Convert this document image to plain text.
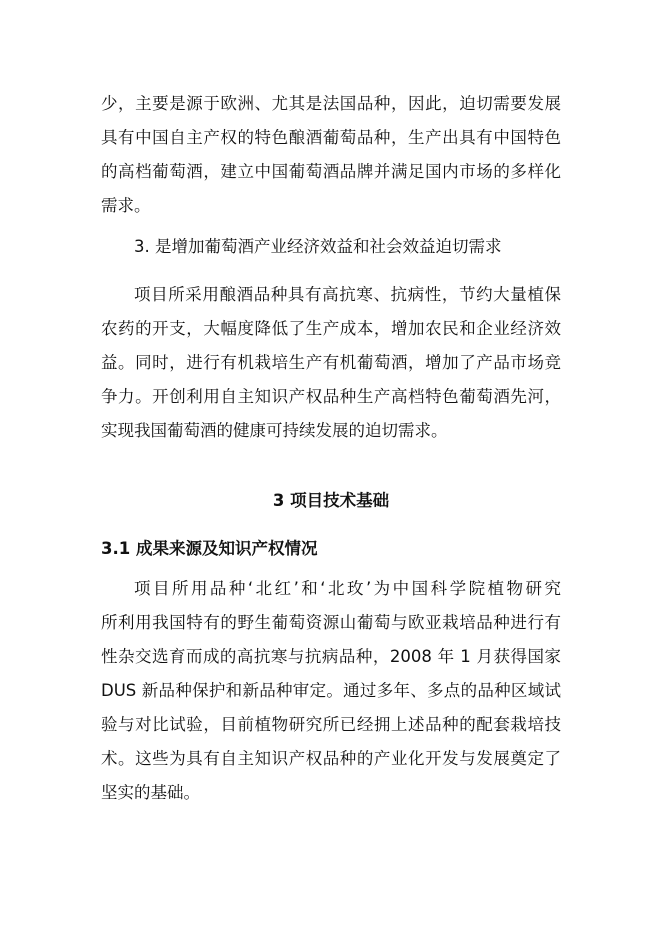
少，主要是源于欧洲、尤其是法国品种，因此，迫切需要发展
具有中国自主产权的特色酿酒葡萄品种，生产出具有中国特色
的高档葡萄酒，建立中国葡萄酒品牌并满足国内市场的多样化
需求。
3. 是增加葡萄酒产业经济效益和社会效益迫切需求
项目所采用酿酒品种具有高抗寒、抗病性，节约大量植保
农药的开支，大幅度降低了生产成本，增加农民和企业经济效
益。同时，进行有机栽培生产有机葡萄酒，增加了产品市场竞
争力。开创利用自主知识产权品种生产高档特色葡萄酒先河，
实现我国葡萄酒的健康可持续发展的迫切需求。
3 项目技术基础
3.1 成果来源及知识产权情况
项目所用品种‘北红’和‘北玫’为中国科学院植物研究
所利用我国特有的野生葡萄资源山葡萄与欧亚栽培品种进行有
性杂交选育而成的高抗寒与抗病品种，2008 年 1 月获得国家
DUS 新品种保护和新品种审定。通过多年、多点的品种区域试
验与对比试验，目前植物研究所已经拥上述品种的配套栽培技
术。这些为具有自主知识产权品种的产业化开发与发展奠定了
坚实的基础。
